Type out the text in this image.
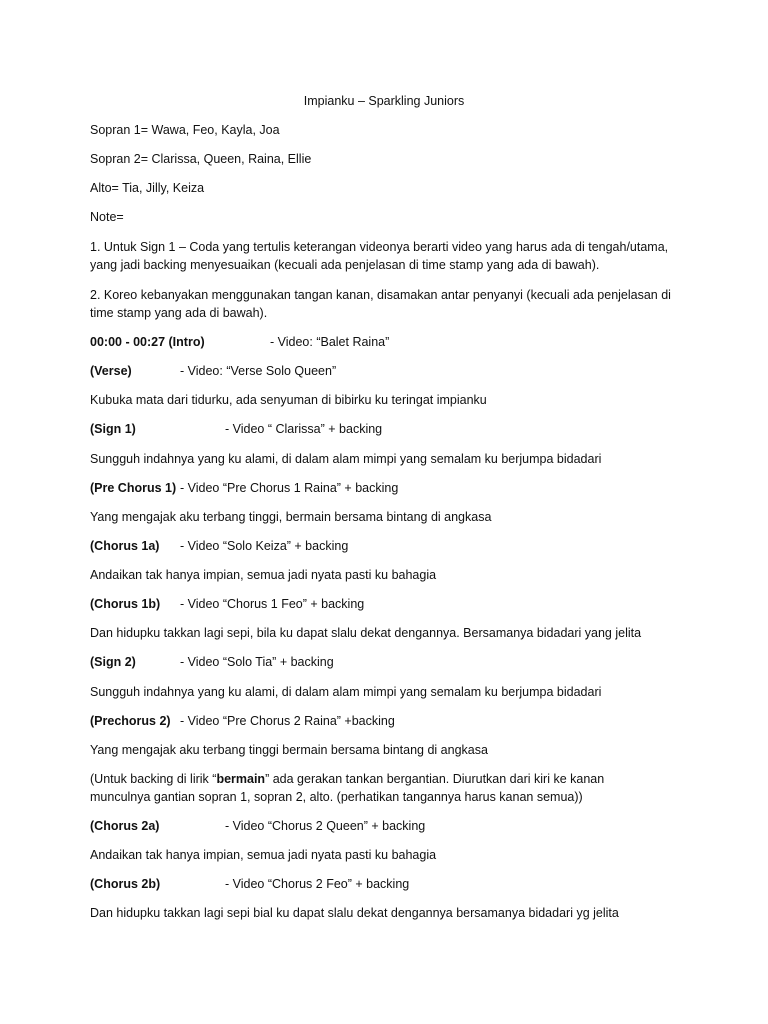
Impianku – Sparkling Juniors
Sopran 1= Wawa, Feo, Kayla, Joa
Sopran 2= Clarissa, Queen, Raina, Ellie
Alto= Tia, Jilly, Keiza
Note=
1. Untuk Sign 1 – Coda yang tertulis keterangan videonya berarti video yang harus ada di tengah/utama,
yang jadi backing menyesuaikan (kecuali ada penjelasan di time stamp yang ada di bawah).
2. Koreo kebanyakan menggunakan tangan kanan, disamakan antar penyanyi (kecuali ada penjelasan di
time stamp yang ada di bawah).
00:00 - 00:27 (Intro)	- Video: “Balet Raina”
(Verse)	- Video: “Verse Solo Queen”
Kubuka mata dari tidurku, ada senyuman di bibirku ku teringat impianku
(Sign 1)	- Video “ Clarissa” + backing
Sungguh indahnya yang ku alami, di dalam alam mimpi yang semalam ku berjumpa bidadari
(Pre Chorus 1) - Video “Pre Chorus 1 Raina” + backing
Yang mengajak aku terbang tinggi, bermain bersama bintang di angkasa
(Chorus 1a) - Video “Solo Keiza” + backing
Andaikan tak hanya impian, semua jadi nyata pasti ku bahagia
(Chorus 1b) - Video “Chorus 1 Feo” + backing
Dan hidupku takkan lagi sepi, bila ku dapat slalu dekat dengannya. Bersamanya bidadari yang jelita
(Sign 2)	- Video “Solo Tia” + backing
Sungguh indahnya yang ku alami, di dalam alam mimpi yang semalam ku berjumpa bidadari
(Prechorus 2) - Video “Pre Chorus 2 Raina” +backing
Yang mengajak aku terbang tinggi bermain bersama bintang di angkasa
(Untuk backing di lirik “bermain” ada gerakan tankan bergantian. Diurutkan dari kiri ke kanan
munculnya gantian sopran 1, sopran 2, alto. (perhatikan tangannya harus kanan semua))
(Chorus 2a)	- Video “Chorus 2 Queen” + backing
Andaikan tak hanya impian, semua jadi nyata pasti ku bahagia
(Chorus 2b)	- Video “Chorus 2 Feo” + backing
Dan hidupku takkan lagi sepi bial ku dapat slalu dekat dengannya bersamanya bidadari yg jelita
